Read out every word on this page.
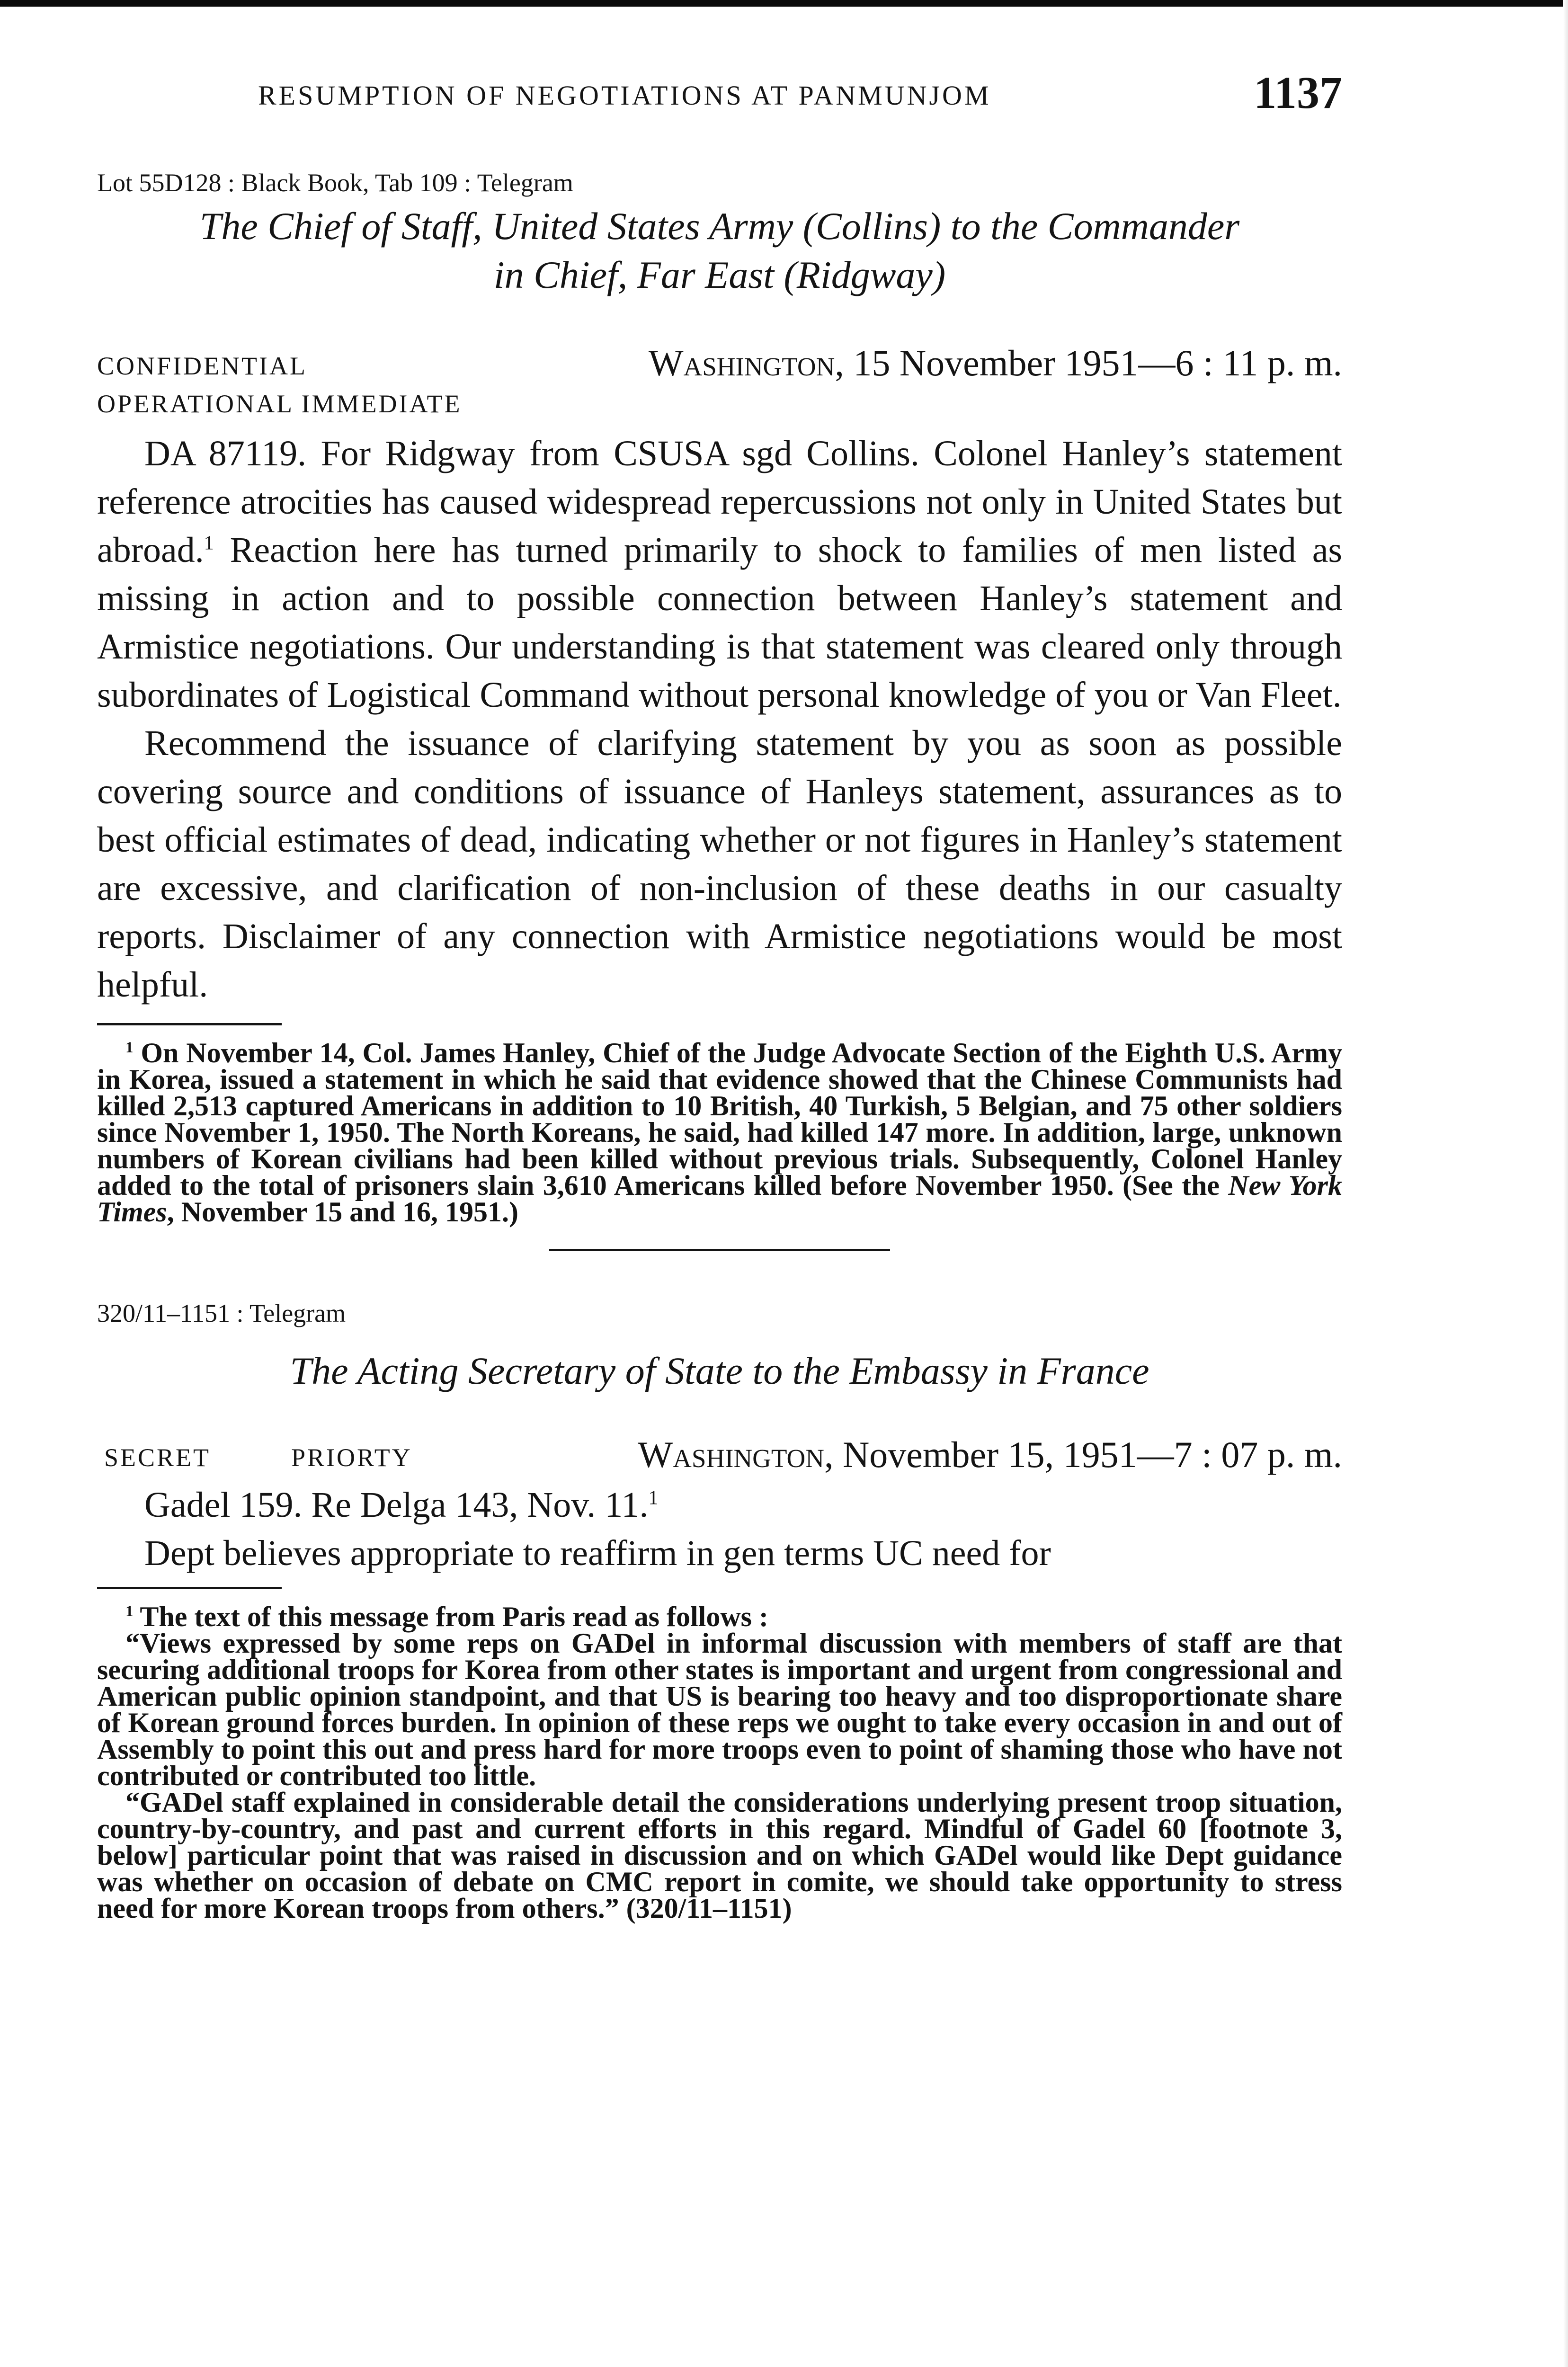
RESUMPTION OF NEGOTIATIONS AT PANMUNJOM	1137
Lot 55D128 : Black Book, Tab 109 : Telegram
The Chief of Staff, United States Army (Collins) to the Commander
in Chief, Far East (Ridgway)
CONFIDENTIAL	Washington, 15 November 1951—6 : 11 p. m.
OPERATIONAL IMMEDIATE

DA 87119. For Ridgway from CSUSA sgd Collins. Colonel Hanley’s statement reference atrocities has caused widespread repercussions not only in United States but abroad.$^1$ Reaction here has turned primarily to shock to families of men listed as missing in action and to possible connection between Hanley’s statement and Armistice negotiations. Our understanding is that statement was cleared only through subordinates of Logistical Command without personal knowledge of you or Van Fleet.

Recommend the issuance of clarifying statement by you as soon as possible covering source and conditions of issuance of Hanleys statement, assurances as to best official estimates of dead, indicating whether or not figures in Hanley’s statement are excessive, and clarification of non-inclusion of these deaths in our casualty reports. Disclaimer of any connection with Armistice negotiations would be most helpful.

$^1$ On November 14, Col. James Hanley, Chief of the Judge Advocate Section of the Eighth U.S. Army in Korea, issued a statement in which he said that evidence showed that the Chinese Communists had killed 2,513 captured Americans in addition to 10 British, 40 Turkish, 5 Belgian, and 75 other soldiers since November 1, 1950. The North Koreans, he said, had killed 147 more. In addition, large, unknown numbers of Korean civilians had been killed without previous trials. Subsequently, Colonel Hanley added to the total of prisoners slain 3,610 Americans killed before November 1950. (See the New York Times, November 15 and 16, 1951.)

320/11–1151 : Telegram
The Acting Secretary of State to the Embassy in France
SECRET	PRIORTY	Washington, November 15, 1951—7 : 07 p. m.

Gadel 159. Re Delga 143, Nov. 11.$^1$

Dept believes appropriate to reaffirm in gen terms UC need for

$^1$ The text of this message from Paris read as follows :

“Views expressed by some reps on GADel in informal discussion with members of staff are that securing additional troops for Korea from other states is important and urgent from congressional and American public opinion standpoint, and that US is bearing too heavy and too disproportionate share of Korean ground forces burden. In opinion of these reps we ought to take every occasion in and out of Assembly to point this out and press hard for more troops even to point of shaming those who have not contributed or contributed too little.

“GADel staff explained in considerable detail the considerations underlying present troop situation, country-by-country, and past and current efforts in this regard. Mindful of Gadel 60 [footnote 3, below] particular point that was raised in discussion and on which GADel would like Dept guidance was whether on occasion of debate on CMC report in comite, we should take opportunity to stress need for more Korean troops from others.” (320/11–1151)
